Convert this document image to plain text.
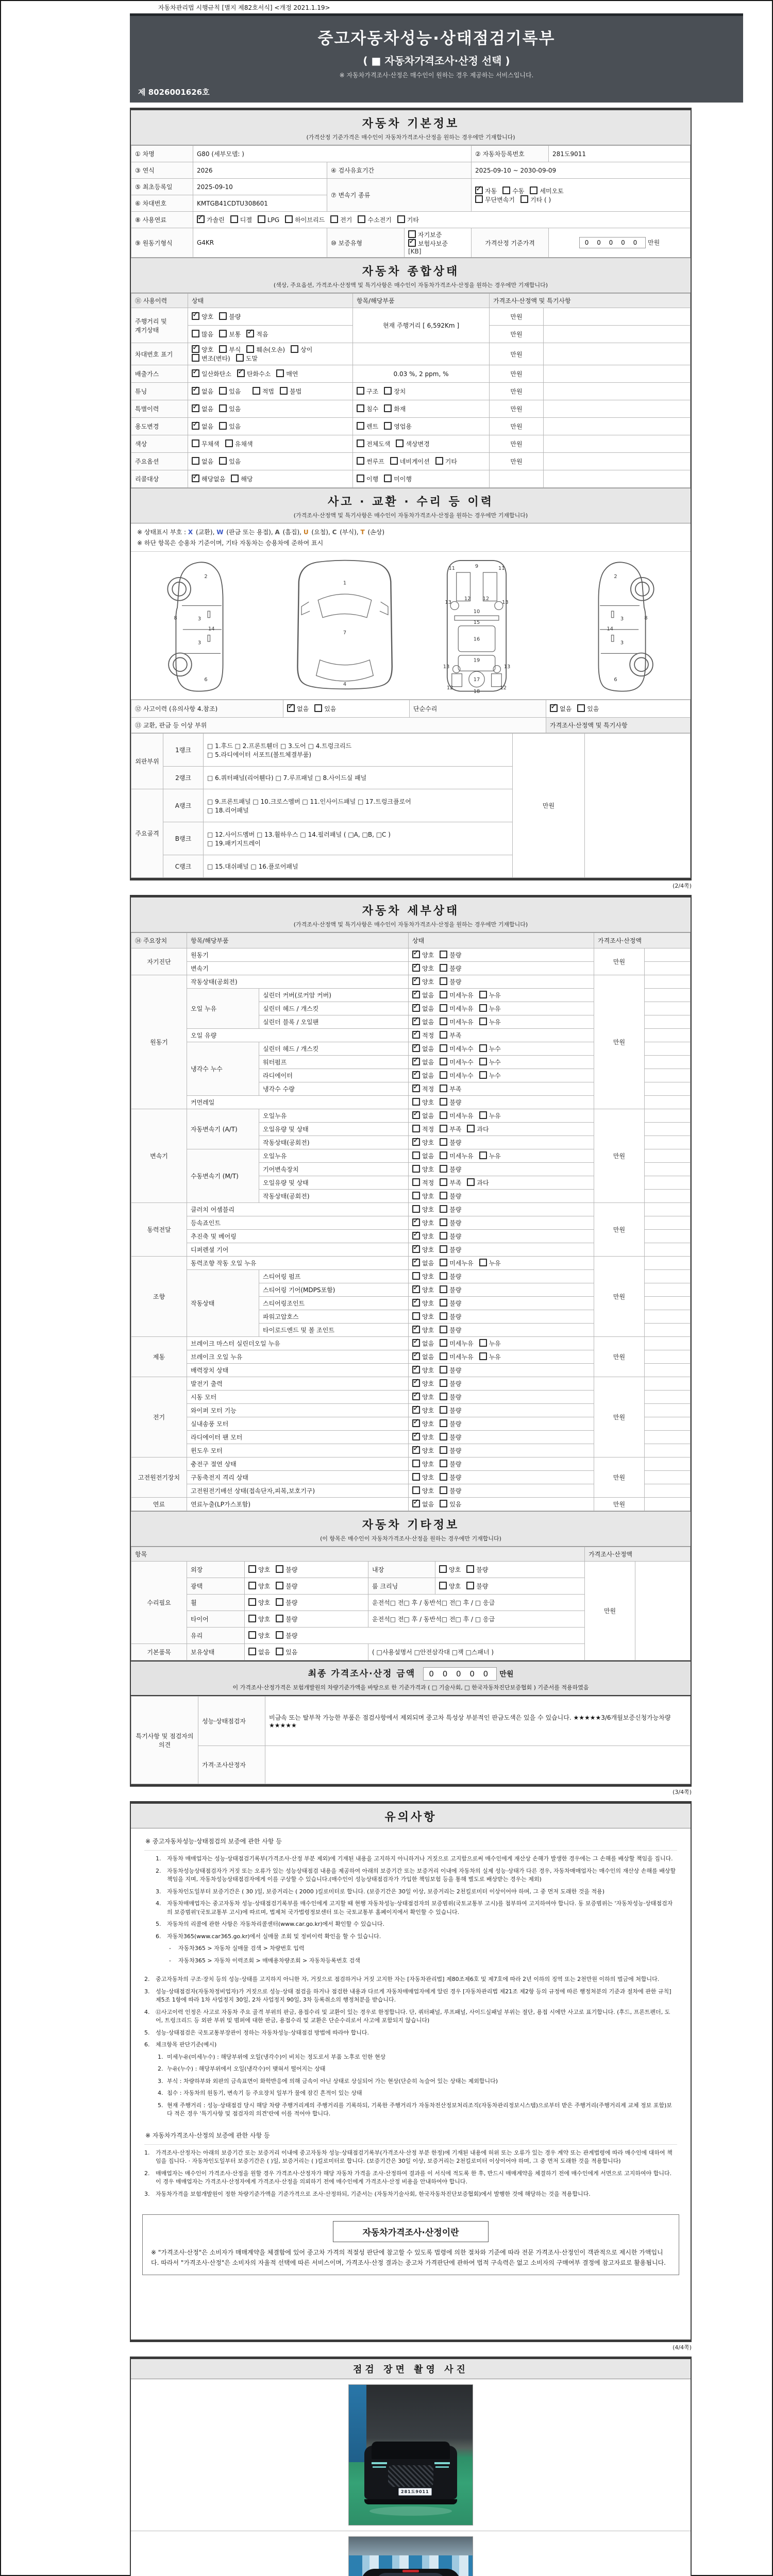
자동차관리법 시행규칙 [별지 제82호서식] <개정 2021.1.19>
중고자동차성능·상태점검기록부
( ■ 자동차가격조사·산정 선택 )
※ 자동차가격조사·산정은 매수인이 원하는 경우 제공하는 서비스입니다.
제 8026001626호
자동차 기본정보
(가격산정 기준가격은 매수인이 자동차가격조사·산정을 원하는 경우에만 기재합니다)
① 차명	G80 (세부모델: )			② 자동차등록번호	281도9011
③ 연식	2026	④ 검사유효기간		2025-09-10 ~ 2030-09-09	
⑤ 최초등록일	2025-09-10	⑦ 변속기 종류	✓자동 수동 세미오토
무단변속기 기타 ( )
⑥ 차대번호	KMTGB41CDTU308601				
⑧ 사용연료	✓가솔린 디젤 LPG 하이브리드 전기 수소전기 기타
⑨ 원동기형식	G4KR	⑩ 보증유형	자기보증✓보험사보증 [KB]	가격산정 기준가격	0 0 0 0 0 만원
자동차 종합상태
(색상, 주요옵션, 가격조사·산정액 및 특기사항은 매수인이 자동차가격조사·산정을 원하는 경우에만 기재합니다)
⑪ 사용이력	상태	항목/해당부품	가격조사·산정액 및 특기사항	
주행거리 및 계기상태	✓양호 불량	현재 주행거리 [ 6,592Km ]	만원	
	많음 보통 ✓ 적음		만원	
차대번호 표기	✓양호 부식 훼손(오손) 상이변조(변타) 도말		만원	
배출가스	✓일산화탄소 ✓ 탄화수소 매연	0.03 %, 2 ppm, %	만원	
튜닝	✓없음 있음 적법 불법	구조 장치	만원	
특별이력	✓없음 있음	침수 화재	만원	
용도변경	✓없음 있음	렌트 영업용	만원	
색상	무채색 유채색	전체도색 색상변경	만원	
주요옵션	없음 있음	썬루프 네비게이션 기타	만원	
리콜대상	✓해당없음 해당	이행 미이행		
사고 · 교환 · 수리 등 이력
(가격조사·산정액 및 특기사항은 매수인이 자동차가격조사·산정을 원하는 경우에만 기재합니다)
※ 상태표시 부호 : X (교환), W (판금 또는 용접), A (흠집), U (요철), C (부식), T (손상)
※ 하단 항목은 승용차 기준이며, 기타 자동차는 승용차에 준하여 표시
2
8	3
14
3
6
1
7
4
11	9	11
13
12 12
13
10
15
16
19
13	13
12
17
12
18
2
8
3
14
3
6
⑫ 사고이력 (유의사항 4.참조)	✓없음 있음	단순수리	✓없음 있음
⑬ 교환, 판금 등 이상 부위			가격조사·산정액 및 특기사항
외판부위	1랭크	□ 1.후드 □ 2.프론트휀더 □ 3.도어 □ 4.트렁크리드
□ 5.라디에이터 서포트(볼트체결부품)	만원	
	2랭크	□ 6.쿼터패널(리어휀다) □ 7.루프패널 □ 8.사이드실 패널		
주요골격	A랭크	□ 9.프론트패널 □ 10.크로스멤버 □ 11.인사이드패널 □ 17.트렁크플로어
□ 18.리어패널		
	B랭크	□ 12.사이드멤버 □ 13.휠하우스 □ 14.필러패널 ( □A, □B, □C )
□ 19.패키지트레이		
	C랭크	□ 15.대쉬패널 □ 16.플로어패널		
(2/4쪽)
자동차 세부상태
(가격조사·산정액 및 특기사항은 매수인이 자동차가격조사·산정을 원하는 경우에만 기재합니다)
⑭ 주요장치	항목/해당부품		상태	가격조사·산정액	
자기진단	원동기	✓양호 불량	만원	
	변속기	✓양호 불량	
원동기	작동상태(공회전)	✓양호 불량	만원	
	오일 누유	실린더 커버(로커암 커버)	✓없음 미세누유 누유	
		실린더 헤드 / 개스킷	✓없음 미세누유 누유	
		실린더 블록 / 오일팬	✓없음 미세누유 누유	
	오일 유량	✓적정 부족	
	냉각수 누수	실린더 헤드 / 개스킷	✓없음 미세누수 누수	
		워터펌프	✓없음 미세누수 누수	
		라디에이터	✓없음 미세누수 누수	
		냉각수 수량	✓적정 부족	
	커먼레일		양호 불량		
변속기	자동변속기 (A/T)	오일누유	✓없음 미세누유 누유	만원	
		오일유량 및 상태	적정 부족 과다		
		작동상태(공회전)	✓양호 불량	
	수동변속기 (M/T)	오일누유	없음 미세누유 누유		
		기어변속장치	양호 불량		
		오일유량 및 상태	적정 부족 과다		
		작동상태(공회전)	양호 불량		
동력전달	클러치 어셈블리		양호 불량	만원	
	등속죠인트	✓양호 불량	
	추진축 및 베어링	✓양호 불량	
	디퍼렌셜 기어	✓양호 불량	
조향	동력조향 작동 오일 누유	✓없음 미세누유 누유	만원	
	작동상태	스티어링 펌프	양호 불량		
		스티어링 기어(MDPS포함)	✓양호 불량	
		스티어링조인트	✓양호 불량	
		파워고압호스	양호 불량		
		타이로드엔드 및 볼 조인트	✓양호 불량	
제동	브레이크 마스터 실린더오일 누유	✓없음 미세누유 누유	만원	
	브레이크 오일 누유	✓없음 미세누유 누유	
	배력장치 상태	✓양호 불량	
전기	발전기 출력	✓양호 불량	만원	
	시동 모터	✓양호 불량	
	와이퍼 모터 기능	✓양호 불량	
	실내송풍 모터	✓양호 불량	
	라디에이터 팬 모터	✓양호 불량	
	윈도우 모터	✓양호 불량	
고전원전기장치	충전구 절연 상태		양호 불량	만원	
	구동축전지 격리 상태		양호 불량		
	고전원전기배선 상태(접속단자,피복,보호기구)		양호 불량		
연료	연료누출(LP가스포함)	✓없음 있음	만원	
자동차 기타정보
(이 항목은 매수인이 자동차가격조사·산정을 원하는 경우에만 기재합니다)
항목					가격조사·산정액	
수리필요	외장	양호 불량	내장	양호 불량	만원	
	광택	양호 불량	룸 크리닝	양호 불량		
	휠	양호 불량	운전석□ 전□ 후 / 동반석□ 전□ 후 / □ 응급			
	타이어	양호 불량	운전석□ 전□ 후 / 동반석□ 전□ 후 / □ 응급			
	유리	양호 불량				
기본품목	보유상태	없음 있음	( □사용설명서 □안전삼각대 □잭 □스패너 )			
최종 가격조사·산정 금액 0 0 0 0 0 만원
이 가격조사·산정가격은 보험개발원의 차량기준가액을 바탕으로 한 기준가격과 ( □ 기술사회, □ 한국자동차진단보증협회 ) 기준서를 적용하였음
특기사항 및 점검자의 의견	성능·상태점검자	비금속 또는 탈부착 가능한 부품은 점검사항에서 제외되며 중고차 특성상 부분적인 판금도색은 있을 수 있습니다. ★★★★★3/6개월보증신청가능차량★★★★★
	가격·조사산정자	
(3/4쪽)
유의사항
※ 중고자동차성능·상태점검의 보증에 관한 사항 등
1.	자동차 매매업자는 성능·상태점검기록부(가격조사·산정 부분 제외)에 기재된 내용을 고지하지 아니하거나 거짓으로 고지함으로써 매수인에게 재산상 손해가 발생한 경우에는 그 손해를 배상할 책임을 집니다.
2.	자동차성능상태점검자가 거짓 또는 오류가 있는 성능상태점검 내용을 제공하여 아래의 보증기간 또는 보증거리 이내에 자동차의 실제 성능·상태가 다른 경우, 자동차매매업자는 매수인의 재산상 손해를 배상할 책임을 지며, 자동차성능상태점검자에게 이를 구상할 수 있습니다.(매수인이 성능상태점검자가 가입한 책임보험 등을 통해 별도로 배상받는 경우는 제외)
3.	자동차인도일부터 보증기간은 ( 30 )일, 보증거리는 ( 2000 )킬로미터로 합니다. (보증기간은 30일 이상, 보증거리는 2천킬로미터 이상이어야 하며, 그 중 먼저 도래한 것을 적용)
4.	자동차매매업자는 중고자동차 성능·상태점검기록부를 매수인에게 고지할 때 현행 자동차성능·상태점검자의 보증범위(국토교통부 고시)를 첨부하여 고지하여야 합니다. 동 보증범위는 '자동차성능·상태점검자의 보증범위'(국토교통부 고시)에 따르며, 법제처 국가법령정보센터 또는 국토교통부 홈페이지에서 확인할 수 있습니다.
5.	자동차의 리콜에 관한 사항은 자동차리콜센터(www.car.go.kr)에서 확인할 수 있습니다.
6.	자동차365(www.car365.go.kr)에서 실매물 조회 및 정비이력 확인을 할 수 있습니다.
-	자동차365 > 자동차 실매물 검색 > 차량번호 입력
-	자동차365 > 자동차 이력조회 > 매매용차량조회 > 자동차등록번호 검색
2.	중고자동차의 구조·장치 등의 성능·상태를 고지하지 아니한 자, 거짓으로 점검하거나 거짓 고지한 자는 [자동차관리법] 제80조제6호 및 제7호에 따라 2년 이하의 징역 또는 2천만원 이하의 벌금에 처합니다.
3.	성능·상태점검자(자동차정비업자)가 거짓으로 성능·상태 점검을 하거나 점검한 내용과 다르게 자동차매매업자에게 알린 경우 [자동차관리법 제21조 제2항 등의 규정에 따른 행정처분의 기준과 절차에 관한 규칙] 제5조 1항에 따라 1차 사업정지 30일, 2차 사업정지 90일, 3차 등록취소의 행정처분을 받습니다.
4.	⑫사고이력 인정은 사고로 자동차 주요 골격 부위의 판금, 용접수리 및 교환이 있는 경우로 한정합니다. 단, 쿼터패널, 루프패널, 사이드실패널 부위는 절단, 용접 시에만 사고로 표기합니다. (후드, 프론트펜더, 도어, 트렁크리드 등 외판 부위 및 범퍼에 대한 판금, 용접수리 및 교환은 단순수리로서 사고에 포함되지 않습니다)
5.	성능·상태점검은 국토교통부장관이 정하는 자동차성능·상태점검 방법에 따라야 합니다.
6.	체크항목 판단기준(예시)
1. 미세누유(미세누수) : 해당부위에 오일(냉각수)이 비치는 정도로서 부품 노후로 인한 현상
2. 누유(누수) : 해당부위에서 오일(냉각수)이 맺혀서 떨어지는 상태
3. 부식 : 차량하부와 외판의 금속표면이 화학반응에 의해 금속이 아닌 상태로 상실되어 가는 현상(단순히 녹슬어 있는 상태는 제외합니다)
4. 침수 : 자동차의 원동기, 변속기 등 주요장치 일부가 물에 잠긴 흔적이 있는 상태
5. 현재 주행거리 : 성능·상태점검 당시 해당 차량 주행거리계의 주행거리를 기록하되, 기록한 주행거리가 자동차전산정보처리조직(자동차관리정보시스템)으로부터 받은 주행거리(주행거리계 교체 정보 포함)보다 적은 경우 '특기사항 및 점검자의 의견'란에 이를 적어야 합니다.
※ 자동차가격조사·산정의 보증에 관한 사항 등
1.	가격조사·산정자는 아래의 보증기간 또는 보증거리 이내에 중고자동차 성능·상태점검기록부(가격조사·산정 부분 한정)에 기재된 내용에 허위 또는 오류가 있는 경우 계약 또는 관계법령에 따라 매수인에 대하여 책임을 집니다. · 자동차인도일부터 보증기간은 ( )일, 보증거리는 ( )킬로미터로 합니다. (보증기간은 30일 이상, 보증거리는 2천킬로미터 이상이어야 하며, 그 중 먼저 도래한 것을 적용합니다)
2.	매매업자는 매수인이 가격조사·산정을 원할 경우 가격조사·산정자가 해당 자동차 가격을 조사·산정하여 결과를 이 서식에 적도록 한 후, 반드시 매매계약을 체결하기 전에 매수인에게 서면으로 고지하여야 합니다. 이 경우 매매업자는 가격조사·산정자에게 가격조사·산정을 의뢰하기 전에 매수인에게 가격조사·산정 비용을 안내하여야 합니다.
3.	자동차가격을 보험개발원이 정한 차량기준가액을 기준가격으로 조사·산정하되, 기준서는 (자동차기술사회, 한국자동차진단보증협회)에서 발행한 것에 해당하는 것을 적용합니다.
자동차가격조사·산정이란
※ "가격조사·산정"은 소비자가 매매계약을 체결함에 있어 중고차 가격의 적절성 판단에 참고할 수 있도록 법령에 의한 절차와 기준에 따라 전문 가격조사·산정인이 객관적으로 제시한 가액입니다. 따라서 "가격조사·산정"은 소비자의 자율적 선택에 따른 서비스이며, 가격조사·산정 결과는 중고차 가격판단에 관하여 법적 구속력은 없고 소비자의 구매여부 결정에 참고자료로 활용됩니다.
(4/4쪽)
점검 장면 촬영 사진
281도9011
